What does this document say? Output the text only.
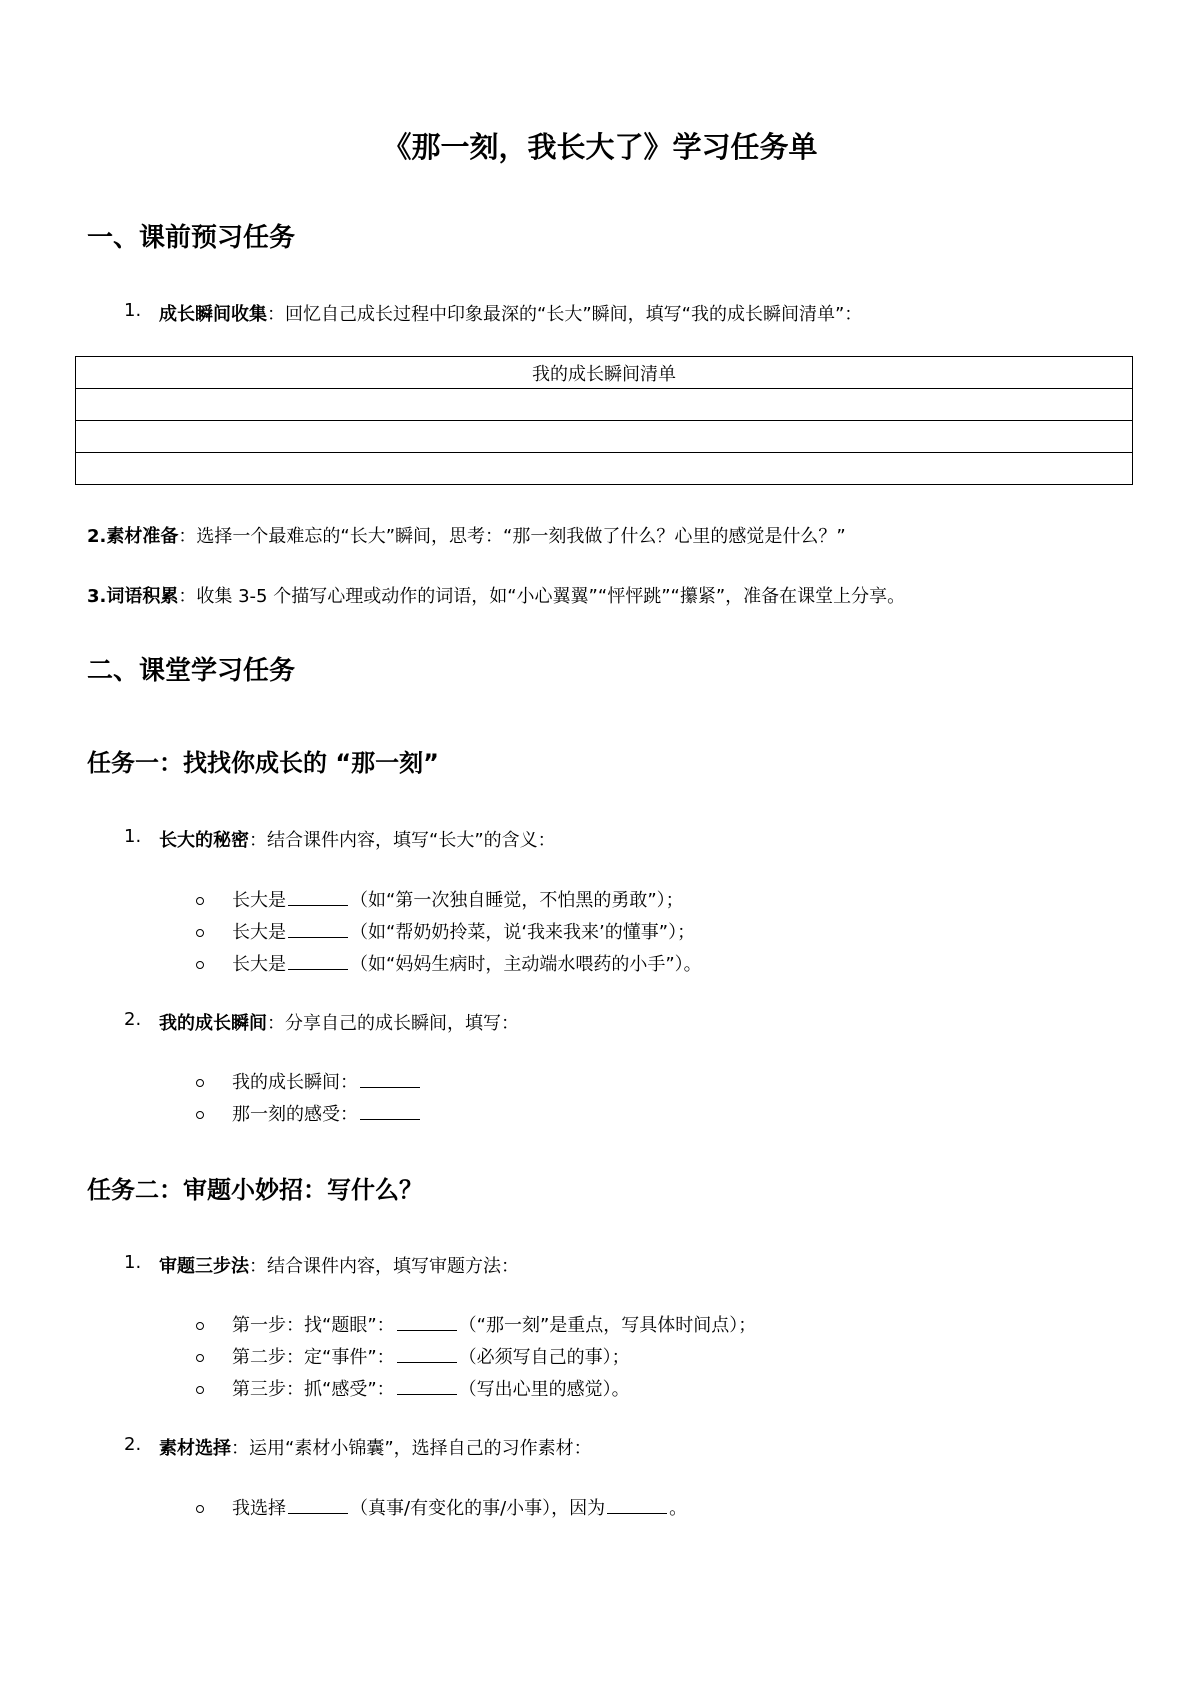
《那一刻，我长大了》学习任务单
一、课前预习任务
1. 成长瞬间收集：回忆自己成长过程中印象最深的“长大”瞬间，填写“我的成长瞬间清单”：
我的成长瞬间清单

2.素材准备：选择一个最难忘的“长大”瞬间，思考：“那一刻我做了什么？心里的感觉是什么？”
3.词语积累：收集 3-5 个描写心理或动作的词语，如“小心翼翼”“怦怦跳”“攥紧”，准备在课堂上分享。
二、课堂学习任务
任务一：找找你成长的 “那一刻”
1. 长大的秘密：结合课件内容，填写“长大”的含义：
长大是	（如“第一次独自睡觉，不怕黑的勇敢”）；
长大是	（如“帮奶奶拎菜，说‘我来我来’的懂事”）；
长大是	（如“妈妈生病时，主动端水喂药的小手”）。
2. 我的成长瞬间：分享自己的成长瞬间，填写：
我的成长瞬间：
那一刻的感受：
任务二：审题小妙招：写什么？
1. 审题三步法：结合课件内容，填写审题方法：
第一步：找“题眼”：	（“那一刻”是重点，写具体时间点）；
第二步：定“事件”：	（必须写自己的事）；
第三步：抓“感受”：	（写出心里的感觉）。
2. 素材选择：运用“素材小锦囊”，选择自己的习作素材：
我选择	（真事/有变化的事/小事），因为	。
